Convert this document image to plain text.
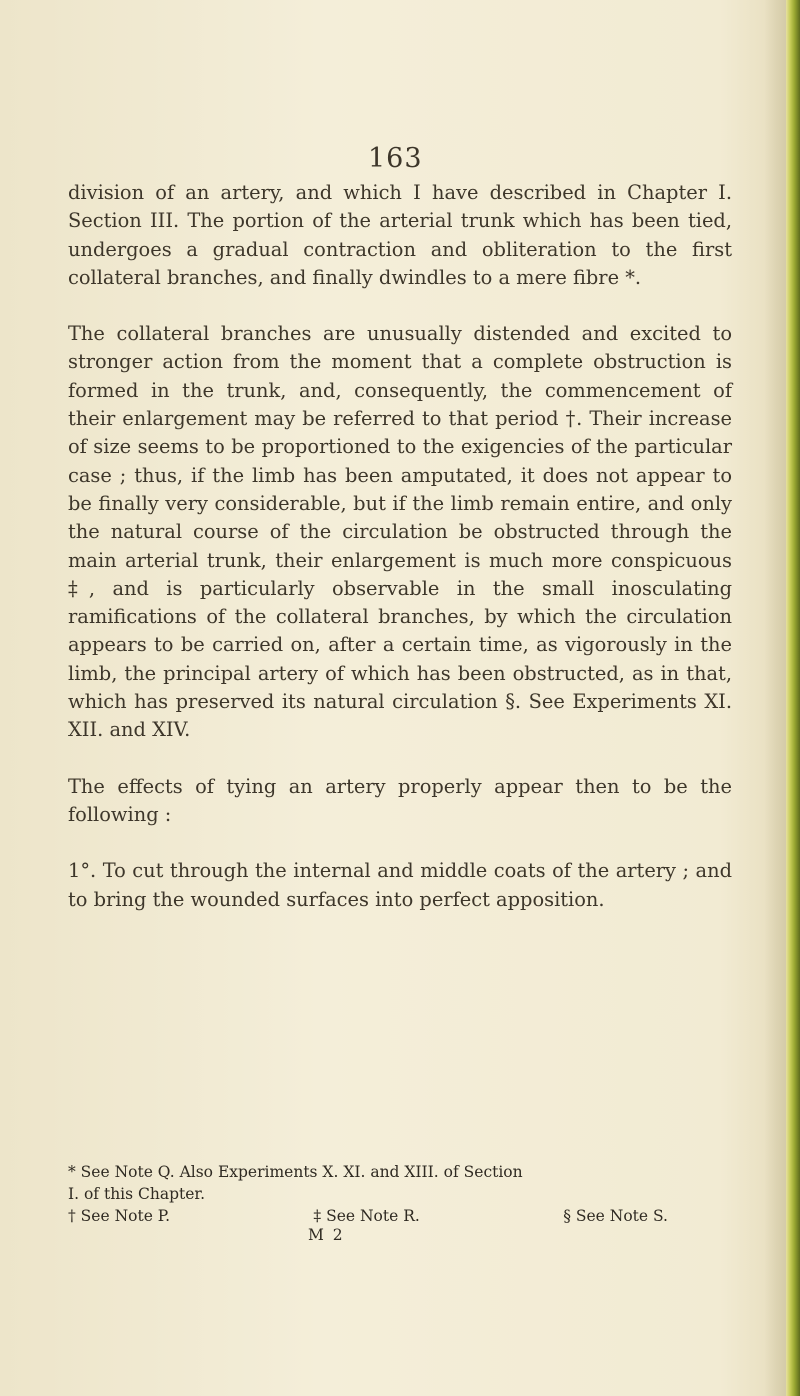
163

division of an artery, and which I have described in Chapter I. Section III. The portion of the arterial trunk which has been tied, undergoes a gradual contraction and obliteration to the first collateral branches, and finally dwindles to a mere fibre *.

The collateral branches are unusually distended and excited to stronger action from the moment that a complete obstruction is formed in the trunk, and, consequently, the commencement of their enlargement may be referred to that period †. Their increase of size seems to be proportioned to the exigencies of the particular case ; thus, if the limb has been amputated, it does not appear to be finally very considerable, but if the limb remain entire, and only the natural course of the circulation be obstructed through the main arterial trunk, their enlargement is much more conspicuous ‡, and is particularly observable in the small inosculating ramifications of the collateral branches, by which the circulation appears to be carried on, after a certain time, as vigorously in the limb, the principal artery of which has been obstructed, as in that, which has preserved its natural circulation §. See Experiments XI. XII. and XIV.

The effects of tying an artery properly appear then to be the following :

1°. To cut through the internal and middle coats of the artery ; and to bring the wounded surfaces into perfect apposition.

* See Note Q. Also Experiments X. XI. and XIII. of Section
I. of this Chapter.
† See Note P.	‡ See Note R.	§ See Note S.
M 2
